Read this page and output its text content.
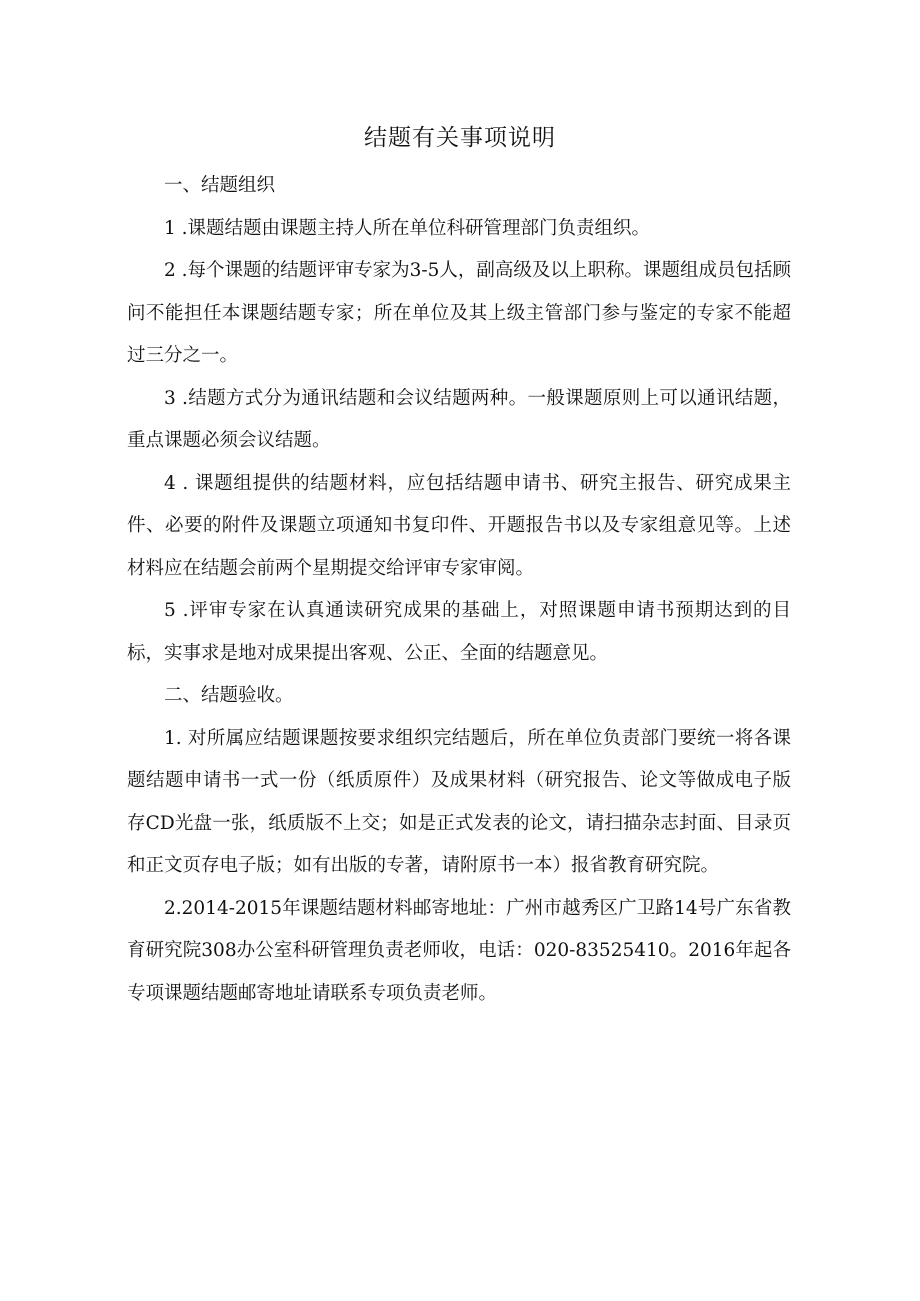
结题有关事项说明

一、结题组织

1 .课题结题由课题主持人所在单位科研管理部门负责组织。

2 .每个课题的结题评审专家为3-5人，副高级及以上职称。课题组成员包括顾问不能担任本课题结题专家；所在单位及其上级主管部门参与鉴定的专家不能超过三分之一。

3 .结题方式分为通讯结题和会议结题两种。一般课题原则上可以通讯结题，重点课题必须会议结题。

4 . 课题组提供的结题材料，应包括结题申请书、研究主报告、研究成果主件、必要的附件及课题立项通知书复印件、开题报告书以及专家组意见等。上述材料应在结题会前两个星期提交给评审专家审阅。

5 .评审专家在认真通读研究成果的基础上，对照课题申请书预期达到的目标，实事求是地对成果提出客观、公正、全面的结题意见。

二、结题验收。

1. 对所属应结题课题按要求组织完结题后，所在单位负责部门要统一将各课题结题申请书一式一份（纸质原件）及成果材料（研究报告、论文等做成电子版存CD光盘一张，纸质版不上交；如是正式发表的论文，请扫描杂志封面、目录页和正文页存电子版；如有出版的专著，请附原书一本）报省教育研究院。

2.2014-2015年课题结题材料邮寄地址：广州市越秀区广卫路14号广东省教育研究院308办公室科研管理负责老师收，电话：020-83525410。2016年起各专项课题结题邮寄地址请联系专项负责老师。
